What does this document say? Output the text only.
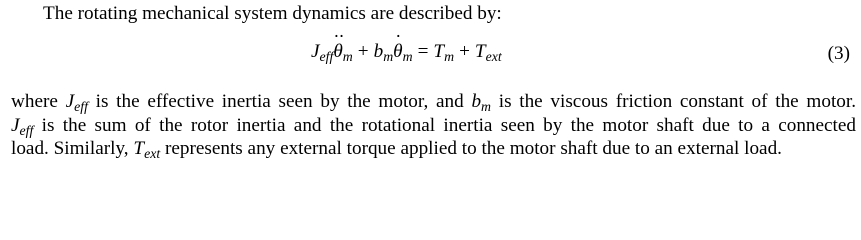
The rotating mechanical system dynamics are described by:
$J_{eff}$
··
$\theta_m + b_m$
·
$\theta_m = T_m + T_{ext}$	(3)
where $J_{eff}$ is the effective inertia seen by the motor, and $b_m$ is the viscous friction constant of the motor.
$J_{eff}$ is the sum of the rotor inertia and the rotational inertia seen by the motor shaft due to a connected
load. Similarly, $T_{ext}$ represents any external torque applied to the motor shaft due to an external load.
